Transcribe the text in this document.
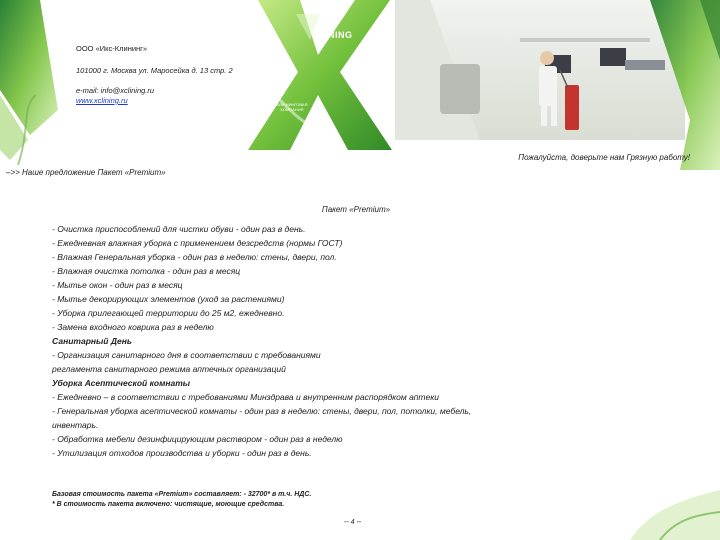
CLINING
КЛИ-НИНГОВАЯ КОМПАНИЯ
ООО «Икс-Клининг»
101000 г. Москва ул. Маросейка д. 13 стр. 2
e-mail: info@xclining.ru
www.xclining.ru
Пожалуйста, доверьте нам Грязную работу!
–>> Наше предложение Пакет «Premium»
Пакет «Premium»
- Очистка приспособлений для чистки обуви - один раз в день.
- Ежедневная влажная уборка с применением дезсредств (нормы ГОСТ)
- Влажная Генеральная уборка - один раз в неделю: стены, двери, пол.
- Влажная очистка потолка - один раз в месяц
- Мытье окон - один раз в месяц
- Мытье декорирующих элементов (уход за растениями)
- Уборка прилегающей территории до 25 м2, ежедневно.
- Замена входного коврика раз в неделю
Санитарный День
- Организация санитарного дня в соответствии с требованиями
регламента санитарного режима аптечных организаций
Уборка Асептической комнаты
- Ежедневно – в соответствии с требованиями Минздрава и внутренним распорядком аптеки
- Генеральная уборка асептической комнаты - один раз в неделю: стены, двери, пол, потолки, мебель,
инвентарь.
- Обработка мебели дезинфицирующим раствором - один раз в неделю
- Утилизация отходов производства и уборки - один раз в день.
Базовая стоимость пакета «Premium» составляет: - 32700* в т.ч. НДС.
* В стоимость пакета включено: чистящие, моющие средства.
-- 4 --
